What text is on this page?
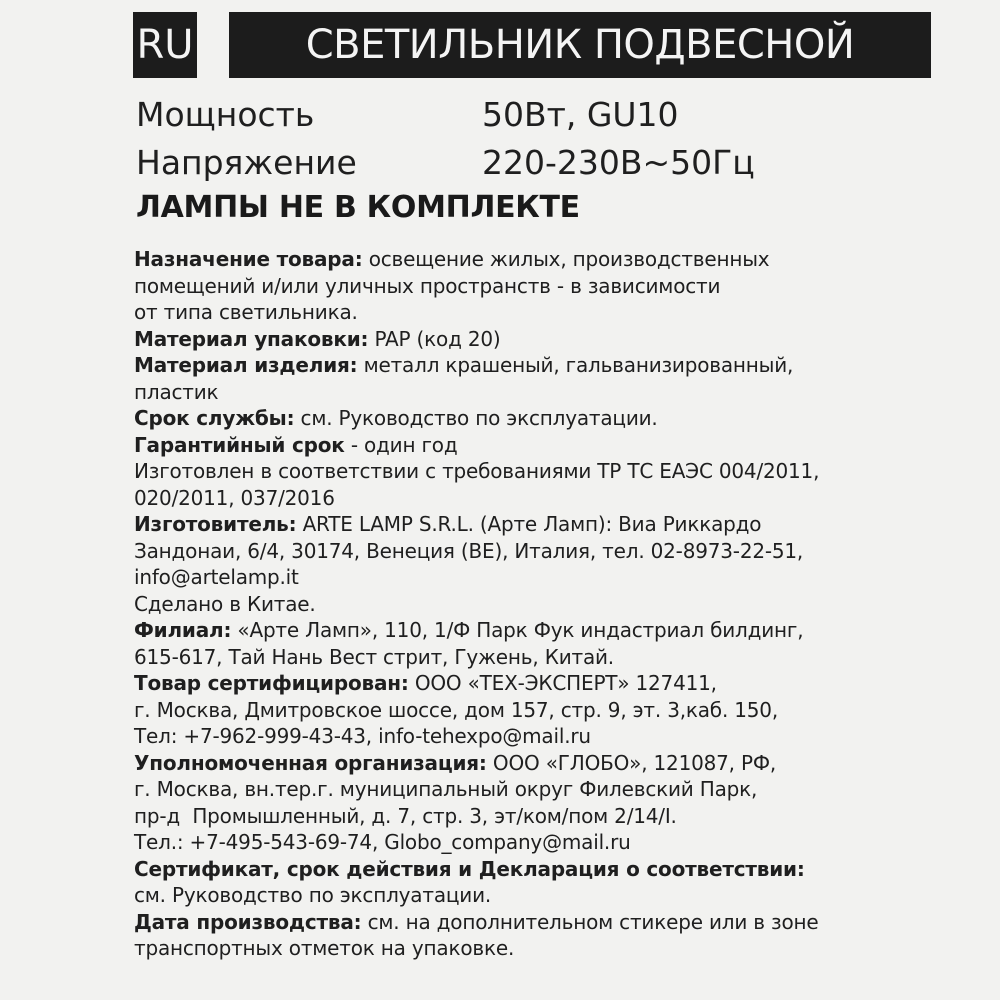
RU	СВЕТИЛЬНИК ПОДВЕСНОЙ
Мощность	50Вт, GU10
Напряжение	220-230В~50Гц
ЛАМПЫ НЕ В КОМПЛЕКТЕ
Назначение товара: освещение жилых, производственных
помещений и/или уличных пространств - в зависимости
от типа светильника.
Материал упаковки: PAP (код 20)
Материал изделия: металл крашеный, гальванизированный,
пластик
Срок службы: см. Руководство по эксплуатации.
Гарантийный срок - один год
Изготовлен в соответствии с требованиями ТР ТС ЕАЭС 004/2011,
020/2011, 037/2016
Изготовитель: ARTE LAMP S.R.L. (Арте Ламп): Виа Риккардо
Зандонаи, 6/4, 30174, Венеция (ВЕ), Италия, тел. 02-8973-22-51,
info@artelamp.it
Сделано в Китае.
Филиал: «Арте Ламп», 110, 1/Ф Парк Фук индастриал билдинг,
615-617, Тай Нань Вест стрит, Гужень, Китай.
Товар сертифицирован: ООО «ТЕХ-ЭКСПЕРТ» 127411,
г. Москва, Дмитровское шоссе, дом 157, стр. 9, эт. 3,каб. 150,
Тел: +7-962-999-43-43, info-tehexpo@mail.ru
Уполномоченная организация: ООО «ГЛОБО», 121087, РФ,
г. Москва, вн.тер.г. муниципальный округ Филевский Парк,
пр-д  Промышленный, д. 7, стр. 3, эт/ком/пом 2/14/I.
Тел.: +7-495-543-69-74, Globo_company@mail.ru
Сертификат, срок действия и Декларация о соответствии:
см. Руководство по эксплуатации.
Дата производства: см. на дополнительном стикере или в зоне
транспортных отметок на упаковке.
